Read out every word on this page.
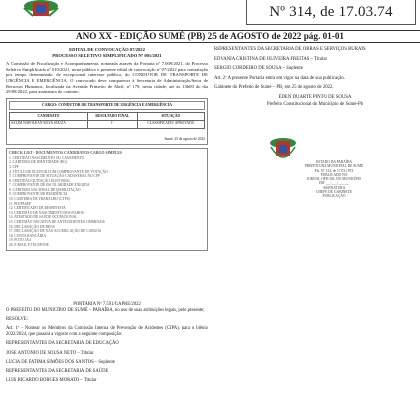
Nº 314, de 17.03.74
ANO XX - EDIÇÃO SUMÉ (PB) 25 de AGOSTO de 2022 pág. 01-01
EDITAL DE CONVOCAÇÃO 07/2022
PROCESSO SELETIVO SIMPLIFICADO Nº 001/2021

A Comissão de Fiscalização e Acompanhamento, nomeada através da Portaria nº 7.009/2021, do Processo Seletivo Simplificado nº 010/2021, torna público o presente edital de convocação nº 07/2022 para contratação por tempo determinado, de excepcional interesse público, do CONDUTOR DE TRANSPORTE DE URGÊNCIA E EMERGÊNCIA. O convocado deve comparecer à Secretaria de Administração/Setor de Recursos Humanos, localizada na Avenida Primeiro de Abril, nº 179, nesta cidade, até às 13h00 do dia 29/08/2022, para assinatura do contrato.

CARGO: CONDUTOR DE TRANSPORTE DE URGÊNCIA E EMERGÊNCIA
CANDIDATO	RESULTADO FINAL	SITUAÇÃO
SALIM NAPOLEAN SILVA SOUZA	1º	CLASSIFICADO/ APROVADO
Sumé, 25 de agosto de 2022
CHECK LIST - DOCUMENTOS CANDIDATOS CARGO SIMPLES
1. CERTIDÃO NASCIMENTO OU CASAMENTO
2. CARTEIRA DE IDENTIDADE (RG)
3. CPF
4. TÍTULO DE ELEITOR COM COMPROVANTE DE VOTAÇÃO
5. COMPROVANTE DE SITUAÇÃO CADASTRAL NO CPF
6. CERTIDÃO QUITAÇÃO ELEITORAL
7. COMPROVANTE DE ESCOLARIDADE EXIGIDA
8. CARTEIRA NACIONAL DE HABILITAÇÃO
9. COMPROVANTE DE RESIDÊNCIA
10. CARTEIRA DE TRABALHO (CTPS)
11. PIS/PASEP
12. CERTIFICADO DE RESERVISTA
13. CERTIDÃO DE NASCIMENTO DOS FILHOS
14. ATESTADO DE SAÚDE OCUPACIONAL
15. CERTIDÃO NEGATIVA DE ANTECEDENTES CRIMINAIS
16. DECLARAÇÃO DE BENS
17. DECLARAÇÃO DE NÃO ACUMULAÇÃO DE CARGOS
18. CONTA BANCÁRIA
19. FOTO 3X4
20. E-MAIL E TELEFONE
PORTARIA Nº 7.591/GAPRE/2022

O PREFEITO DO MUNICÍPIO DE SUMÉ – PARAÍBA, no uso de suas atribuições legais, pelo presente;

RESOLVE:

Art. 1º - Nomear os Membros da Comissão Interna de Prevenção de Acidentes (CIPA), para o biênio 2022/2024, que passará a vigorar com a seguinte composição:

REPRESENTANTES DA SECRETARIA DE EDUCAÇÃO

JOSE ANTONIO DE SOUSA NETO – Titular

LUCIA DE FATIMA SIMÕES DOS SANTOS – Suplente

REPRESENTANTES DA SECRETARIA DE SAÚDE

LUIS RICARDO BORGES MORATO – Titular

REPRESENTANTES DA SECRETARIA DE OBRAS E SERVIÇOS RURAIS

EDVANIA CRISTINA DE OLIVEIRA FREITAS – Titular

SERGIO CORDEIRO DE SOUSA – Suplente

Art. 2º A presente Portaria entra em vigor na data de sua publicação.

Gabinete do Prefeito de Sumé – PB, em 25 de agosto de 2022.

ÉDEN DUARTE PINTO DE SOUSA
Prefeito Constitucional do Município de Sumé-Pb
ESTADO DA PARAÍBA
PREFEITURA MUNICIPAL DE SUMÉ
Fls. Nº 314, de 17.03.1974
PUBLICADO NO
JORNAL OFICIAL DO MUNICÍPIO
EM ___/___/______
ASSINATURA
CHEFE DE GABINETE
PUBLICAÇÃO
